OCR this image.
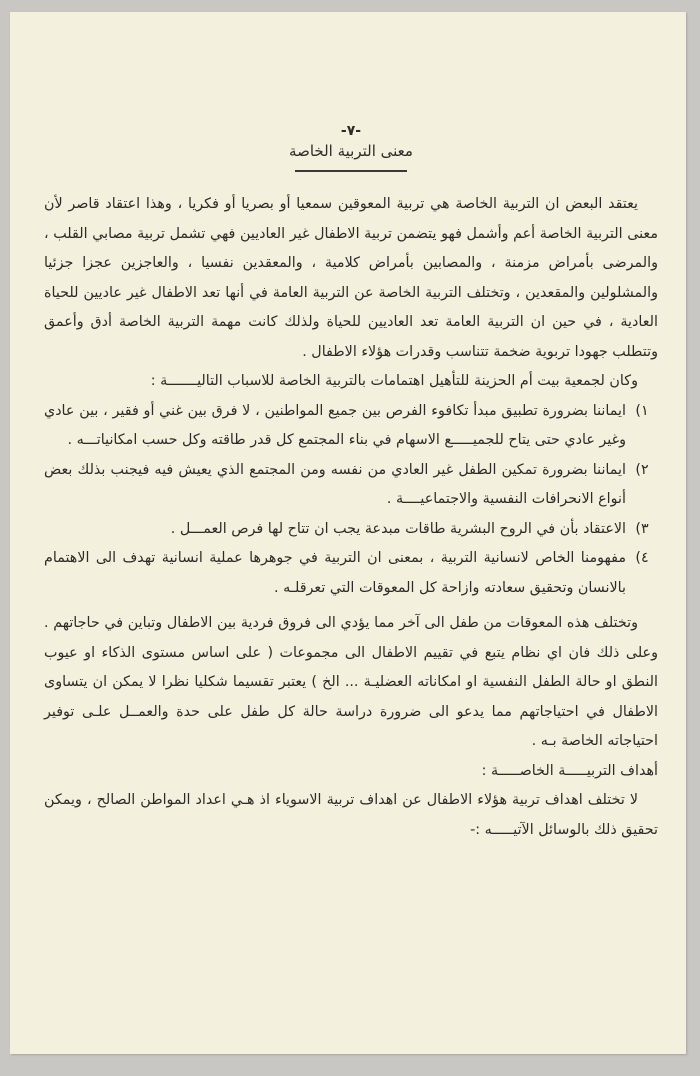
-٧-

معنى التربية الخاصة

يعتقد البعض ان التربية الخاصة هي تربية المعوقين سمعيا أو بصريا أو فكريا ، وهذا اعتقاد قاصر لأن معنى التربية الخاصة أعم وأشمل فهو يتضمن تربية الاطفال غير العاديين فهي تشمل تربية مصابي القلب ، والمرضى بأمراض مزمنة ، والمصابين بأمراض كلامية ، والمعقدين نفسيا ، والعاجزين عجزا جزئيا والمشلولين والمقعدين ، وتختلف التربية الخاصة عن التربية العامة في أنها تعد الاطفال غير عاديين للحياة العادية ، في حين ان التربية العامة تعد العاديين للحياة ولذلك كانت مهمة التربية الخاصة أدق وأعمق وتتطلب جهودا تربوية ضخمة تتناسب وقدرات هؤلاء الاطفال .

وكان لجمعية بيت أم الحزينة للتأهيل اهتمامات بالتربية الخاصة للاسباب التاليـــــــة :

١)
ايماننا بضرورة تطبيق مبدأ تكافوء الفرص بين جميع المواطنين ، لا فرق بين غني أو فقير ، بين عادي وغير عادي حتى يتاح للجميـــــع الاسهام في بناء المجتمع كل قدر طاقته وكل حسب امكانياتـــه .
٢)
ايماننا بضرورة تمكين الطفل غير العادي من نفسه ومن المجتمع الذي يعيش فيه فيجنب بذلك بعض أنواع الانحرافات النفسية والاجتماعيــــة .
٣)
الاعتقاد بأن في الروح البشرية طاقات مبدعة يجب ان تتاح لها فرص العمـــل .
٤)
مفهومنا الخاص لانسانية التربية ، بمعنى ان التربية في جوهرها عملية انسانية تهدف الى الاهتمام بالانسان وتحقيق سعادته وازاحة كل المعوقات التي تعرقلـه .

وتختلف هذه المعوقات من طفل الى آخر مما يؤدي الى فروق فردية بين الاطفال وتباين في حاجاتهم . وعلى ذلك فان اي نظام يتبع في تقييم الاطفال الى مجموعات ( على اساس مستوى الذكاء او عيوب النطق او حالة الطفل النفسية او امكاناته العضليـة ... الخ ) يعتبر تقسيما شكليا نظرا لا يمكن ان يتساوى الاطفال في احتياجاتهم مما يدعو الى ضرورة دراسة حالة كل طفل على حدة والعمــل علـى توفير احتياجاته الخاصة بـه .

أهداف التربيـــــة الخاصـــــة :

لا تختلف اهداف تربية هؤلاء الاطفال عن اهداف تربية الاسوياء اذ هـي اعداد المواطن الصالح ، ويمكن تحقيق ذلك بالوسائل الآتيـــــه :-
